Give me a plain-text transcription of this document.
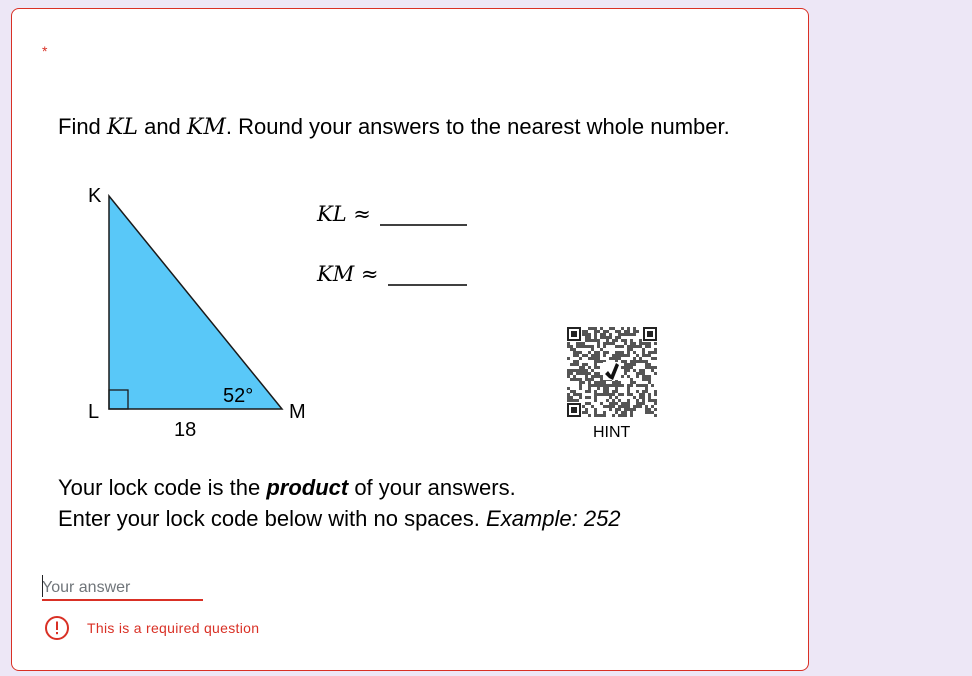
*
Find KL and KM. Round your answers to the nearest whole number.
K
L	M
52°
18
KL ≈
KM ≈
HINT
Your lock code is the product of your answers.
Enter your lock code below with no spaces. Example: 252
Your answer
This is a required question
